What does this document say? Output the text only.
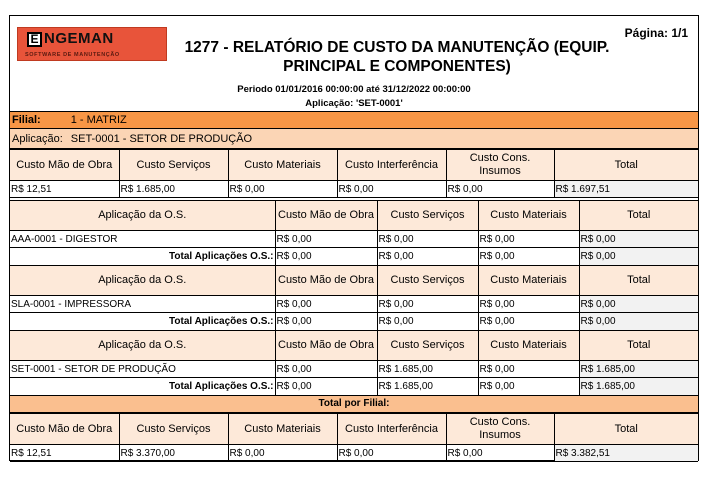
E NGEMAN
SOFTWARE DE MANUTENÇÃO
Página: 1/1
1277 - RELATÓRIO DE CUSTO DA MANUTENÇÃO (EQUIP. PRINCIPAL E COMPONENTES)
Periodo 01/01/2016 00:00:00 até 31/12/2022 00:00:00
Aplicação: 'SET-0001'
Filial:	1 - MATRIZ
Aplicação: SET-0001 - SETOR DE PRODUÇÃO
Custo Mão de Obra	Custo Serviços	Custo Materiais	Custo Interferência	Custo Cons. Insumos	Total
R$ 12,51	R$ 1.685,00	R$ 0,00	R$ 0,00	R$ 0,00	R$ 1.697,51
Aplicação da O.S.	Custo Mão de Obra	Custo Serviços	Custo Materiais	Total
AAA-0001 - DIGESTOR	R$ 0,00	R$ 0,00	R$ 0,00	R$ 0,00
Total Aplicações O.S.:	R$ 0,00	R$ 0,00	R$ 0,00	R$ 0,00
Aplicação da O.S.	Custo Mão de Obra	Custo Serviços	Custo Materiais	Total
SLA-0001 - IMPRESSORA	R$ 0,00	R$ 0,00	R$ 0,00	R$ 0,00
Total Aplicações O.S.:	R$ 0,00	R$ 0,00	R$ 0,00	R$ 0,00
Aplicação da O.S.	Custo Mão de Obra	Custo Serviços	Custo Materiais	Total
SET-0001 - SETOR DE PRODUÇÃO	R$ 0,00	R$ 1.685,00	R$ 0,00	R$ 1.685,00
Total Aplicações O.S.:	R$ 0,00	R$ 1.685,00	R$ 0,00	R$ 1.685,00
Total por Filial:
Custo Mão de Obra	Custo Serviços	Custo Materiais	Custo Interferência	Custo Cons. Insumos	Total
R$ 12,51	R$ 3.370,00	R$ 0,00	R$ 0,00	R$ 0,00	R$ 3.382,51
